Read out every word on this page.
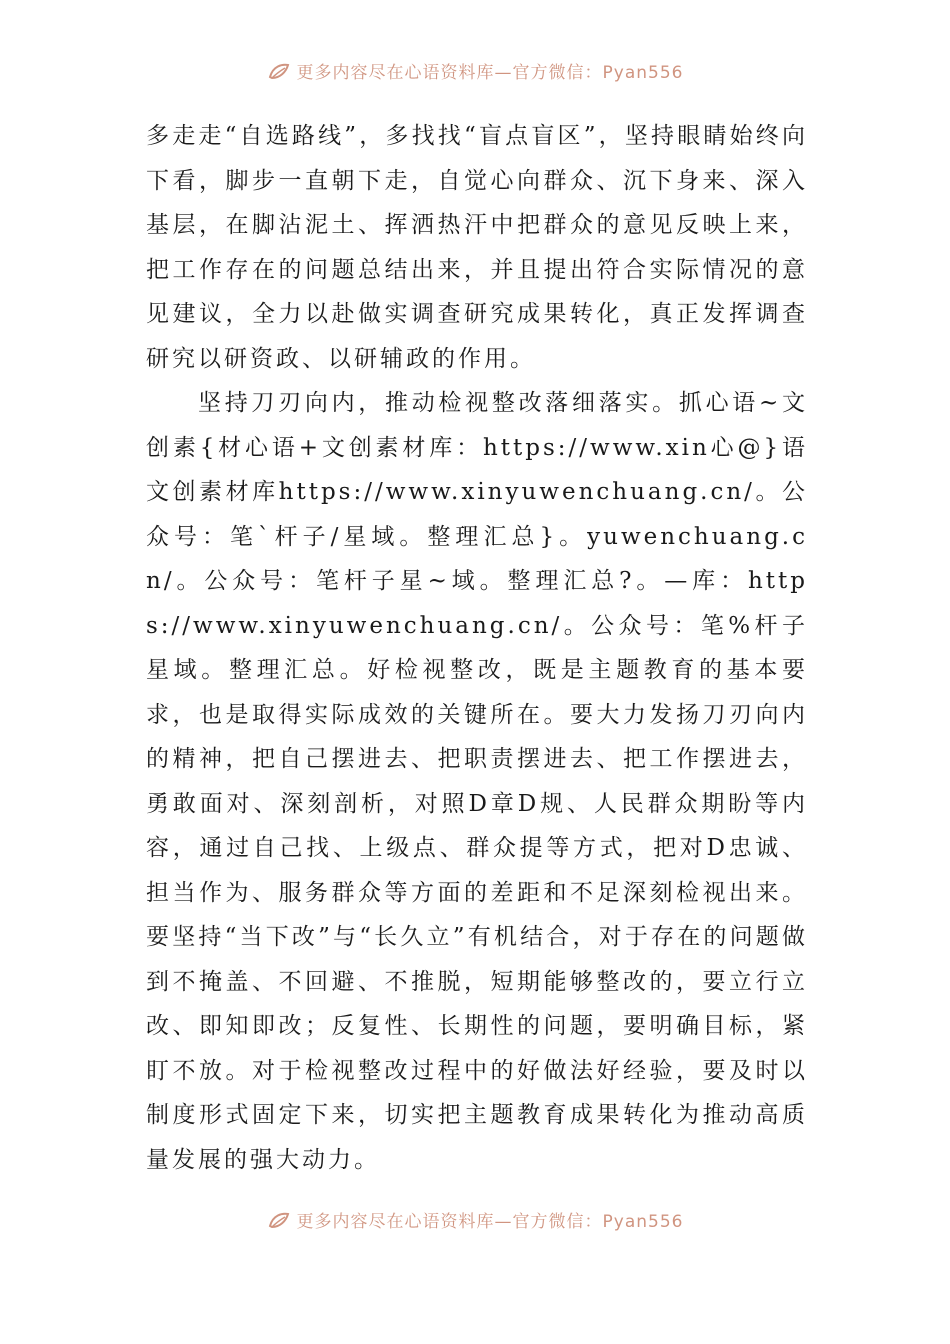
更多内容尽在心语资料库—官方微信：Pyan556

多走走“自选路线”，多找找“盲点盲区”，坚持眼睛始终向下看，脚步一直朝下走，自觉心向群众、沉下身来、深入基层，在脚沾泥土、挥洒热汗中把群众的意见反映上来，把工作存在的问题总结出来，并且提出符合实际情况的意见建议，全力以赴做实调查研究成果转化，真正发挥调查研究以研资政、以研辅政的作用。

坚持刀刃向内，推动检视整改落细落实。抓心语~文创素{材心语+文创素材库：https://www.xin心@}语文创素材库https://www.xinyuwenchuang.cn/。公众号：笔`杆子/星域。整理汇总}。yuwenchuang.cn/。公众号：笔杆子星~域。整理汇总?。—库：https://www.xinyuwenchuang.cn/。公众号：笔%杆子星域。整理汇总。好检视整改，既是主题教育的基本要求，也是取得实际成效的关键所在。要大力发扬刀刃向内的精神，把自己摆进去、把职责摆进去、把工作摆进去，勇敢面对、深刻剖析，对照D章D规、人民群众期盼等内容，通过自己找、上级点、群众提等方式，把对D忠诚、担当作为、服务群众等方面的差距和不足深刻检视出来。要坚持“当下改”与“长久立”有机结合，对于存在的问题做到不掩盖、不回避、不推脱，短期能够整改的，要立行立改、即知即改；反复性、长期性的问题，要明确目标，紧盯不放。对于检视整改过程中的好做法好经验，要及时以制度形式固定下来，切实把主题教育成果转化为推动高质量发展的强大动力。

更多内容尽在心语资料库—官方微信：Pyan556
